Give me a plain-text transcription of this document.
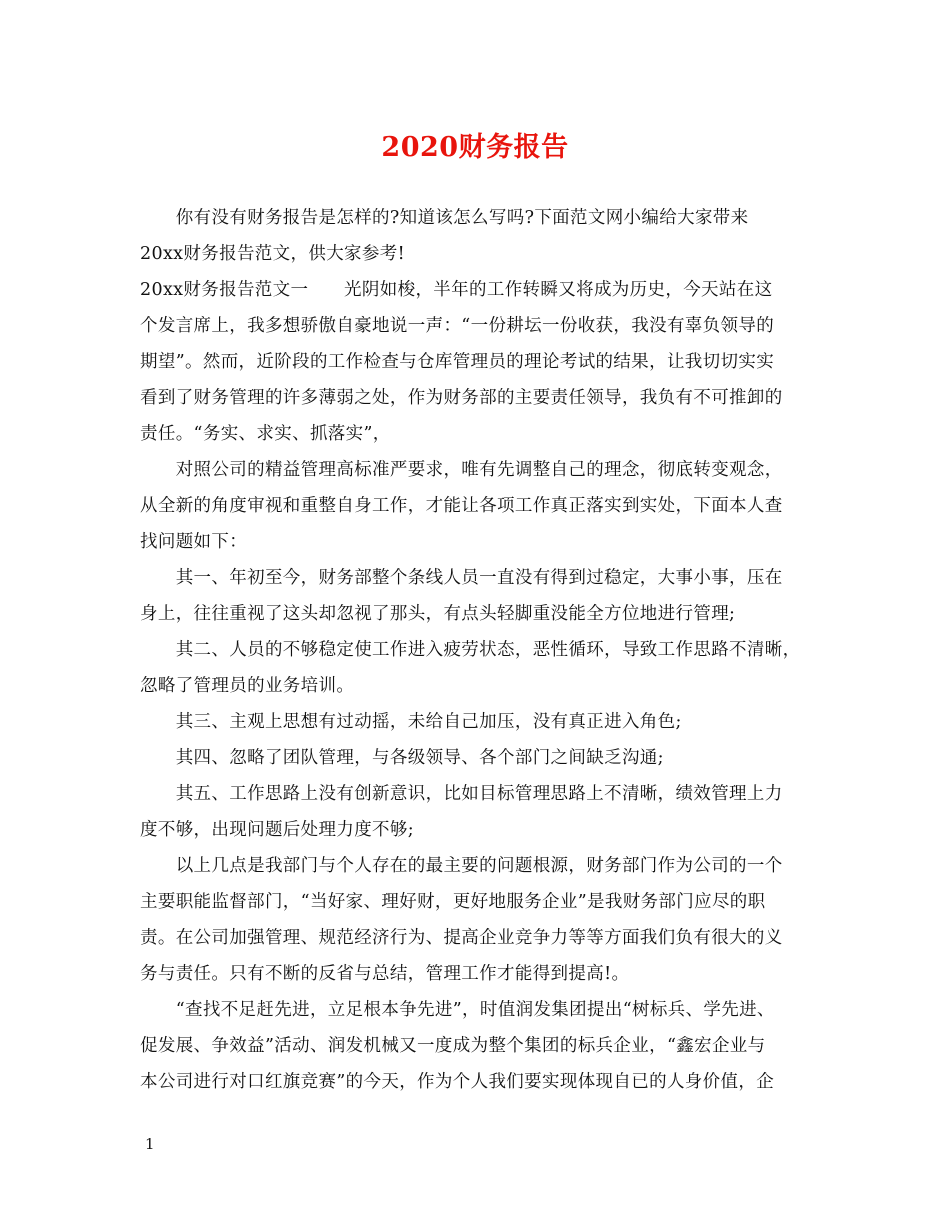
2020财务报告
　　你有没有财务报告是怎样的?知道该怎么写吗?下面范文网小编给大家带来
20xx财务报告范文，供大家参考!
20xx财务报告范文一　　光阴如梭，半年的工作转瞬又将成为历史，今天站在这
个发言席上，我多想骄傲自豪地说一声：“一份耕坛一份收获，我没有辜负领导的
期望”。然而，近阶段的工作检查与仓库管理员的理论考试的结果，让我切切实实
看到了财务管理的许多薄弱之处，作为财务部的主要责任领导，我负有不可推卸的
责任。“务实、求实、抓落实”，
　　对照公司的精益管理高标准严要求，唯有先调整自己的理念，彻底转变观念，
从全新的角度审视和重整自身工作，才能让各项工作真正落实到实处，下面本人查
找问题如下：
　　其一、年初至今，财务部整个条线人员一直没有得到过稳定，大事小事，压在
身上，往往重视了这头却忽视了那头，有点头轻脚重没能全方位地进行管理;
　　其二、人员的不够稳定使工作进入疲劳状态，恶性循环，导致工作思路不清晰，
忽略了管理员的业务培训。
　　其三、主观上思想有过动摇，未给自己加压，没有真正进入角色;
　　其四、忽略了团队管理，与各级领导、各个部门之间缺乏沟通;
　　其五、工作思路上没有创新意识，比如目标管理思路上不清晰，绩效管理上力
度不够，出现问题后处理力度不够;
　　以上几点是我部门与个人存在的最主要的问题根源，财务部门作为公司的一个
主要职能监督部门，“当好家、理好财，更好地服务企业”是我财务部门应尽的职
责。在公司加强管理、规范经济行为、提高企业竞争力等等方面我们负有很大的义
务与责任。只有不断的反省与总结，管理工作才能得到提高!。
　　“查找不足赶先进，立足根本争先进”，时值润发集团提出“树标兵、学先进、
促发展、争效益”活动、润发机械又一度成为整个集团的标兵企业，“鑫宏企业与
本公司进行对口红旗竞赛”的今天，作为个人我们要实现体现自已的人身价值，企
1
